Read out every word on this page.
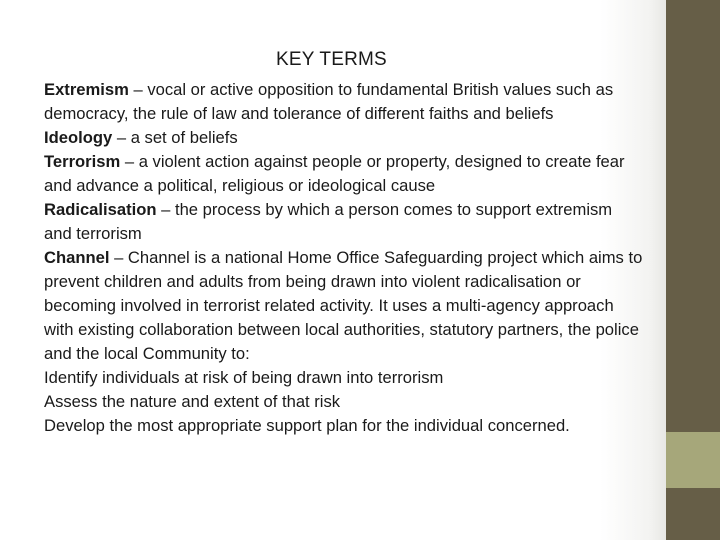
KEY TERMS

Extremism – vocal or active opposition to fundamental British values such as democracy, the rule of law and tolerance of different faiths and beliefs

Ideology – a set of beliefs

Terrorism – a violent action against people or property, designed to create fear and advance a political, religious or ideological cause

Radicalisation – the process by which a person comes to support extremism and terrorism

Channel – Channel is a national Home Office Safeguarding project which aims to prevent children and adults from being drawn into violent radicalisation or becoming involved in terrorist related activity. It uses a multi-agency approach with existing collaboration between local authorities, statutory partners, the police and the local Community to:

Identify individuals at risk of being drawn into terrorism

Assess the nature and extent of that risk

Develop the most appropriate support plan for the individual concerned.
